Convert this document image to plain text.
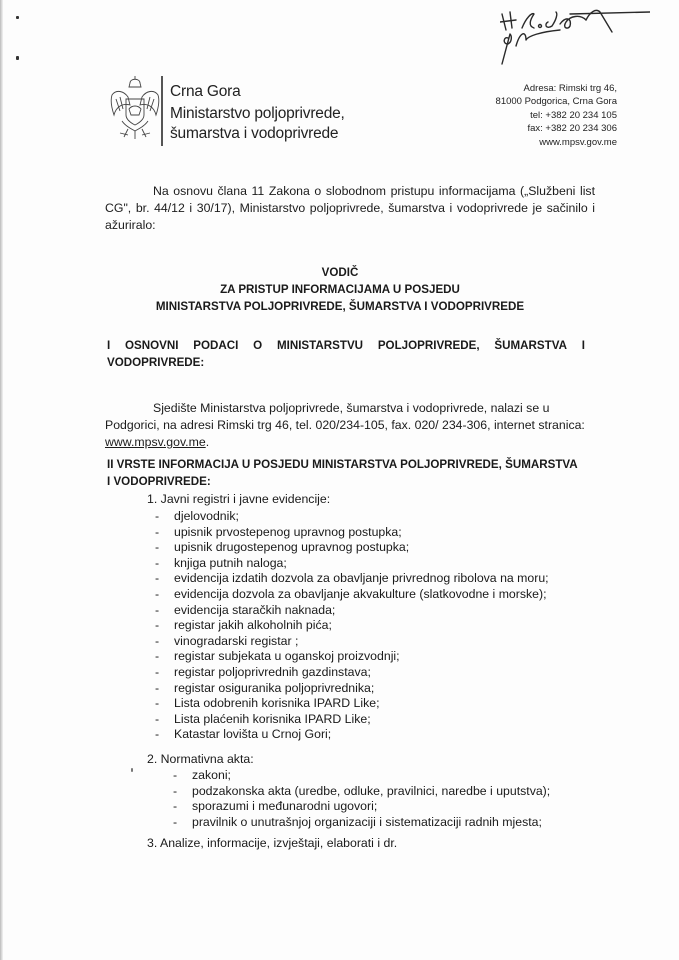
Crna Gora
Ministarstvo poljoprivrede,
šumarstva i vodoprivrede
Adresa: Rimski trg 46,
81000 Podgorica, Crna Gora
tel: +382 20 234 105
fax: +382 20 234 306
www.mpsv.gov.me
Na osnovu člana 11 Zakona o slobodnom pristupu informacijama („Službeni list CG", br. 44/12 i 30/17), Ministarstvo poljoprivrede, šumarstva i vodoprivrede je sačinilo i ažuriralo:
VODIČ
ZA PRISTUP INFORMACIJAMA U POSJEDU
MINISTARSTVA POLJOPRIVREDE, ŠUMARSTVA I VODOPRIVREDE
I OSNOVNI PODACI O MINISTARSTVU POLJOPRIVREDE, ŠUMARSTVA I
VODOPRIVREDE:
Sjedište Ministarstva poljoprivrede, šumarstva i vodoprivrede, nalazi se u Podgorici, na adresi Rimski trg 46, tel. 020/234-105, fax. 020/ 234-306, internet stranica: www.mpsv.gov.me.
II VRSTE INFORMACIJA U POSJEDU MINISTARSTVA POLJOPRIVREDE, ŠUMARSTVA
I VODOPRIVREDE:
1. Javni registri i javne evidencije:
- djelovodnik;
- upisnik prvostepenog upravnog postupka;
- upisnik drugostepenog upravnog postupka;
- knjiga putnih naloga;
- evidencija izdatih dozvola za obavljanje privrednog ribolova na moru;
- evidencija dozvola za obavljanje akvakulture (slatkovodne i morske);
- evidencija staračkih naknada;
- registar jakih alkoholnih pića;
- vinogradarski registar ;
- registar subjekata u oganskoj proizvodnji;
- registar poljoprivrednih gazdinstava;
- registar osiguranika poljoprivrednika;
- Lista odobrenih korisnika IPARD Like;
- Lista plaćenih korisnika IPARD Like;
- Katastar lovišta u Crnoj Gori;
2. Normativna akta:
- zakoni;
- podzakonska akta (uredbe, odluke, pravilnici, naredbe i uputstva);
- sporazumi i međunarodni ugovori;
- pravilnik o unutrašnjoj organizaciji i sistematizaciji radnih mjesta;
3. Analize, informacije, izvještaji, elaborati i dr.
